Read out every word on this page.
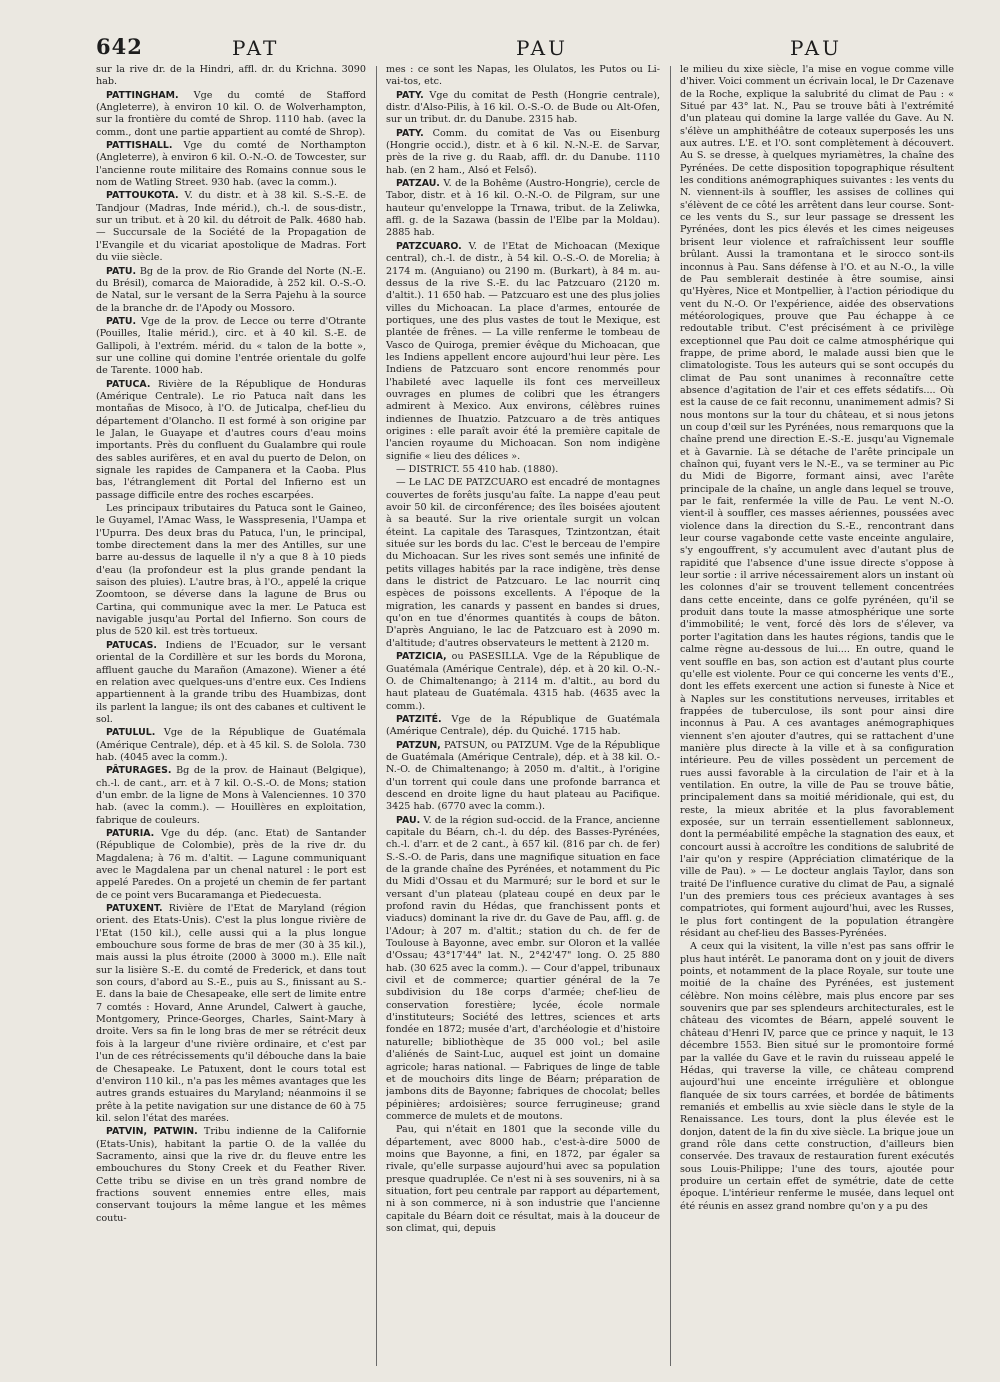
642	PAT	PAU	PAU

sur la rive dr. de la Hindri, affl. dr. du Krichna. 3090 hab.

PATTINGHAM. Vge du comté de Stafford (Angleterre), à environ 10 kil. O. de Wolverhampton, sur la frontière du comté de Shrop. 1110 hab. (avec la comm., dont une partie appartient au comté de Shrop).

PATTISHALL. Vge du comté de Northampton (Angleterre), à environ 6 kil. O.-N.-O. de Towcester, sur l'ancienne route militaire des Romains connue sous le nom de Watling Street. 930 hab. (avec la comm.).

PATTOUKOTA. V. du distr. et à 38 kil. S.-S.-E. de Tandjour (Madras, Inde mérid.), ch.-l. de sous-distr., sur un tribut. et à 20 kil. du détroit de Palk. 4680 hab. — Succursale de la Société de la Propagation de l'Evangile et du vicariat apostolique de Madras. Fort du viie siècle.

PATU. Bg de la prov. de Rio Grande del Norte (N.-E. du Brésil), comarca de Maioradide, à 252 kil. O.-S.-O. de Natal, sur le versant de la Serra Pajehu à la source de la branche dr. de l'Apody ou Mossoro.

PATU. Vge de la prov. de Lecce ou terre d'Otrante (Pouilles, Italie mérid.), circ. et à 40 kil. S.-E. de Gallipoli, à l'extrém. mérid. du « talon de la botte », sur une colline qui domine l'entrée orientale du golfe de Tarente. 1000 hab.

PATUCA. Rivière de la République de Honduras (Amérique Centrale). Le rio Patuca naît dans les montañas de Misoco, à l'O. de Juticalpa, chef-lieu du département d'Olancho. Il est formé à son origine par le Jalan, le Guayape et d'autres cours d'eau moins importants. Près du confluent du Gualambre qui roule des sables aurifères, et en aval du puerto de Delon, on signale les rapides de Campanera et la Caoba. Plus bas, l'étranglement dit Portal del Infierno est un passage difficile entre des roches escarpées.

Les principaux tributaires du Patuca sont le Gaineo, le Guyamel, l'Amac Wass, le Wasspresenia, l'Uampa et l'Upurra. Des deux bras du Patuca, l'un, le principal, tombe directement dans la mer des Antilles, sur une barre au-dessus de laquelle il n'y a que 8 à 10 pieds d'eau (la profondeur est la plus grande pendant la saison des pluies). L'autre bras, à l'O., appelé la crique Zoomtoon, se déverse dans la lagune de Brus ou Cartina, qui communique avec la mer. Le Patuca est navigable jusqu'au Portal del Infierno. Son cours de plus de 520 kil. est très tortueux.

PATUCAS. Indiens de l'Ecuador, sur le versant oriental de la Cordillère et sur les bords du Morona, affluent gauche du Marañon (Amazone). Wiener a été en relation avec quelques-uns d'entre eux. Ces Indiens appartiennent à la grande tribu des Huambizas, dont ils parlent la langue; ils ont des cabanes et cultivent le sol.

PATULUL. Vge de la République de Guatémala (Amérique Centrale), dép. et à 45 kil. S. de Solola. 730 hab. (4045 avec la comm.).

PÂTURAGES. Bg de la prov. de Hainaut (Belgique), ch.-l. de cant., arr. et à 7 kil. O.-S.-O. de Mons; station d'un embr. de la ligne de Mons à Valenciennes. 10 370 hab. (avec la comm.). — Houillères en exploitation, fabrique de couleurs.

PATURIA. Vge du dép. (anc. Etat) de Santander (République de Colombie), près de la rive dr. du Magdalena; à 76 m. d'altit. — Lagune communiquant avec le Magdalena par un chenal naturel : le port est appelé Paredes. On a projeté un chemin de fer partant de ce point vers Bucaramanga et Piedecuesta.

PATUXENT. Rivière de l'Etat de Maryland (région orient. des Etats-Unis). C'est la plus longue rivière de l'Etat (150 kil.), celle aussi qui a la plus longue embouchure sous forme de bras de mer (30 à 35 kil.), mais aussi la plus étroite (2000 à 3000 m.). Elle naît sur la lisière S.-E. du comté de Frederick, et dans tout son cours, d'abord au S.-E., puis au S., finissant au S.-E. dans la baie de Chesapeake, elle sert de limite entre 7 comtés : Hovard, Anne Arundel, Calwert à gauche, Montgomery, Prince-Georges, Charles, Saint-Mary à droite. Vers sa fin le long bras de mer se rétrécit deux fois à la largeur d'une rivière ordinaire, et c'est par l'un de ces rétrécissements qu'il débouche dans la baie de Chesapeake. Le Patuxent, dont le cours total est d'environ 110 kil., n'a pas les mêmes avantages que les autres grands estuaires du Maryland; néanmoins il se prête à la petite navigation sur une distance de 60 à 75 kil. selon l'état des marées.

PATVIN, PATWIN. Tribu indienne de la Californie (Etats-Unis), habitant la partie O. de la vallée du Sacramento, ainsi que la rive dr. du fleuve entre les embouchures du Stony Creek et du Feather River. Cette tribu se divise en un très grand nombre de fractions souvent ennemies entre elles, mais conservant toujours la même langue et les mêmes coutu-

mes : ce sont les Napas, les Olulatos, les Putos ou Li-vai-tos, etc.

PATY. Vge du comitat de Pesth (Hongrie centrale), distr. d'Also-Pilis, à 16 kil. O.-S.-O. de Bude ou Alt-Ofen, sur un tribut. dr. du Danube. 2315 hab.

PATY. Comm. du comitat de Vas ou Eisenburg (Hongrie occid.), distr. et à 6 kil. N.-N.-E. de Sarvar, près de la rive g. du Raab, affl. dr. du Danube. 1110 hab. (en 2 ham., Alsó et Felső).

PATZAU. V. de la Bohême (Austro-Hongrie), cercle de Tabor, distr. et à 16 kil. O.-N.-O. de Pilgram, sur une hauteur qu'enveloppe la Trnawa, tribut. de la Zeliwka, affl. g. de la Sazawa (bassin de l'Elbe par la Moldau). 2885 hab.

PATZCUARO. V. de l'Etat de Michoacan (Mexique central), ch.-l. de distr., à 54 kil. O.-S.-O. de Morelia; à 2174 m. (Anguiano) ou 2190 m. (Burkart), à 84 m. au-dessus de la rive S.-E. du lac Patzcuaro (2120 m. d'altit.). 11 650 hab. — Patzcuaro est une des plus jolies villes du Michoacan. La place d'armes, entourée de portiques, une des plus vastes de tout le Mexique, est plantée de frênes. — La ville renferme le tombeau de Vasco de Quiroga, premier évêque du Michoacan, que les Indiens appellent encore aujourd'hui leur père. Les Indiens de Patzcuaro sont encore renommés pour l'habileté avec laquelle ils font ces merveilleux ouvrages en plumes de colibri que les étrangers admirent à Mexico. Aux environs, célèbres ruines indiennes de Ihuatzio. Patzcuaro a de très antiques origines : elle paraît avoir été la première capitale de l'ancien royaume du Michoacan. Son nom indigène signifie « lieu des délices ».

— DISTRICT. 55 410 hab. (1880).

— Le LAC DE PATZCUARO est encadré de montagnes couvertes de forêts jusqu'au faîte. La nappe d'eau peut avoir 50 kil. de circonférence; des îles boisées ajoutent à sa beauté. Sur la rive orientale surgit un volcan éteint. La capitale des Tarasques, Tzintzontzan, était située sur les bords du lac. C'est le berceau de l'empire du Michoacan. Sur les rives sont semés une infinité de petits villages habités par la race indigène, très dense dans le district de Patzcuaro. Le lac nourrit cinq espèces de poissons excellents. A l'époque de la migration, les canards y passent en bandes si drues, qu'on en tue d'énormes quantités à coups de bâton. D'après Anguiano, le lac de Patzcuaro est à 2090 m. d'altitude; d'autres observateurs le mettent à 2120 m.

PATZICIA, ou PASESILLA. Vge de la République de Guatémala (Amérique Centrale), dép. et à 20 kil. O.-N.-O. de Chimaltenango; à 2114 m. d'altit., au bord du haut plateau de Guatémala. 4315 hab. (4635 avec la comm.).

PATZITÉ. Vge de la République de Guatémala (Amérique Centrale), dép. du Quiché. 1715 hab.

PATZUN, PATSUN, ou PATZUM. Vge de la République de Guatémala (Amérique Centrale), dép. et à 38 kil. O.-N.-O. de Chimaltenango; à 2050 m. d'altit., à l'origine d'un torrent qui coule dans une profonde barranca et descend en droite ligne du haut plateau au Pacifique. 3425 hab. (6770 avec la comm.).

PAU. V. de la région sud-occid. de la France, ancienne capitale du Béarn, ch.-l. du dép. des Basses-Pyrénées, ch.-l. d'arr. et de 2 cant., à 657 kil. (816 par ch. de fer) S.-S.-O. de Paris, dans une magnifique situation en face de la grande chaîne des Pyrénées, et notamment du Pic du Midi d'Ossau et du Marmuré; sur le bord et sur le versant d'un plateau (plateau coupé en deux par le profond ravin du Hédas, que franchissent ponts et viaducs) dominant la rive dr. du Gave de Pau, affl. g. de l'Adour; à 207 m. d'altit.; station du ch. de fer de Toulouse à Bayonne, avec embr. sur Oloron et la vallée d'Ossau; 43°17'44" lat. N., 2°42'47" long. O. 25 880 hab. (30 625 avec la comm.). — Cour d'appel, tribunaux civil et de commerce; quartier général de la 7e subdivision du 18e corps d'armée; chef-lieu de conservation forestière; lycée, école normale d'instituteurs; Société des lettres, sciences et arts fondée en 1872; musée d'art, d'archéologie et d'histoire naturelle; bibliothèque de 35 000 vol.; bel asile d'aliénés de Saint-Luc, auquel est joint un domaine agricole; haras national. — Fabriques de linge de table et de mouchoirs dits linge de Béarn; préparation de jambons dits de Bayonne; fabriques de chocolat; belles pépinières; ardoisières; source ferrugineuse; grand commerce de mulets et de moutons.

Pau, qui n'était en 1801 que la seconde ville du département, avec 8000 hab., c'est-à-dire 5000 de moins que Bayonne, a fini, en 1872, par égaler sa rivale, qu'elle surpasse aujourd'hui avec sa population presque quadruplée. Ce n'est ni à ses souvenirs, ni à sa situation, fort peu centrale par rapport au département, ni à son commerce, ni à son industrie que l'ancienne capitale du Béarn doit ce résultat, mais à la douceur de son climat, qui, depuis

le milieu du xixe siècle, l'a mise en vogue comme ville d'hiver. Voici comment un écrivain local, le Dr Cazenave de la Roche, explique la salubrité du climat de Pau : « Situé par 43° lat. N., Pau se trouve bâti à l'extrémité d'un plateau qui domine la large vallée du Gave. Au N. s'élève un amphithéâtre de coteaux superposés les uns aux autres. L'E. et l'O. sont complètement à découvert. Au S. se dresse, à quelques myriamètres, la chaîne des Pyrénées. De cette disposition topographique résultent les conditions anémographiques suivantes : les vents du N. viennent-ils à souffler, les assises de collines qui s'élèvent de ce côté les arrêtent dans leur course. Sont-ce les vents du S., sur leur passage se dressent les Pyrénées, dont les pics élevés et les cimes neigeuses brisent leur violence et rafraîchissent leur souffle brûlant. Aussi la tramontana et le sirocco sont-ils inconnus à Pau. Sans défense à l'O. et au N.-O., la ville de Pau semblerait destinée à être soumise, ainsi qu'Hyères, Nice et Montpellier, à l'action périodique du vent du N.-O. Or l'expérience, aidée des observations météorologiques, prouve que Pau échappe à ce redoutable tribut. C'est précisément à ce privilège exceptionnel que Pau doit ce calme atmosphérique qui frappe, de prime abord, le malade aussi bien que le climatologiste. Tous les auteurs qui se sont occupés du climat de Pau sont unanimes à reconnaître cette absence d'agitation de l'air et ces effets sédatifs.... Où est la cause de ce fait reconnu, unanimement admis? Si nous montons sur la tour du château, et si nous jetons un coup d'œil sur les Pyrénées, nous remarquons que la chaîne prend une direction E.-S.-E. jusqu'au Vignemale et à Gavarnie. Là se détache de l'arête principale un chaînon qui, fuyant vers le N.-E., va se terminer au Pic du Midi de Bigorre, formant ainsi, avec l'arête principale de la chaîne, un angle dans lequel se trouve, par le fait, renfermée la ville de Pau. Le vent N.-O. vient-il à souffler, ces masses aériennes, poussées avec violence dans la direction du S.-E., rencontrant dans leur course vagabonde cette vaste enceinte angulaire, s'y engouffrent, s'y accumulent avec d'autant plus de rapidité que l'absence d'une issue directe s'oppose à leur sortie : il arrive nécessairement alors un instant où les colonnes d'air se trouvent tellement concentrées dans cette enceinte, dans ce golfe pyrénéen, qu'il se produit dans toute la masse atmosphérique une sorte d'immobilité; le vent, forcé dès lors de s'élever, va porter l'agitation dans les hautes régions, tandis que le calme règne au-dessous de lui.... En outre, quand le vent souffle en bas, son action est d'autant plus courte qu'elle est violente. Pour ce qui concerne les vents d'E., dont les effets exercent une action si funeste à Nice et à Naples sur les constitutions nerveuses, irritables et frappées de tuberculose, ils sont pour ainsi dire inconnus à Pau. A ces avantages anémographiques viennent s'en ajouter d'autres, qui se rattachent d'une manière plus directe à la ville et à sa configuration intérieure. Peu de villes possèdent un percement de rues aussi favorable à la circulation de l'air et à la ventilation. En outre, la ville de Pau se trouve bâtie, principalement dans sa moitié méridionale, qui est, du reste, la mieux abritée et la plus favorablement exposée, sur un terrain essentiellement sablonneux, dont la perméabilité empêche la stagnation des eaux, et concourt aussi à accroître les conditions de salubrité de l'air qu'on y respire (Appréciation climatérique de la ville de Pau). » — Le docteur anglais Taylor, dans son traité De l'influence curative du climat de Pau, a signalé l'un des premiers tous ces précieux avantages à ses compatriotes, qui forment aujourd'hui, avec les Russes, le plus fort contingent de la population étrangère résidant au chef-lieu des Basses-Pyrénées.

A ceux qui la visitent, la ville n'est pas sans offrir le plus haut intérêt. Le panorama dont on y jouit de divers points, et notamment de la place Royale, sur toute une moitié de la chaîne des Pyrénées, est justement célèbre. Non moins célèbre, mais plus encore par ses souvenirs que par ses splendeurs architecturales, est le château des vicomtes de Béarn, appelé souvent le château d'Henri IV, parce que ce prince y naquit, le 13 décembre 1553. Bien situé sur le promontoire formé par la vallée du Gave et le ravin du ruisseau appelé le Hédas, qui traverse la ville, ce château comprend aujourd'hui une enceinte irrégulière et oblongue flanquée de six tours carrées, et bordée de bâtiments remaniés et embellis au xvie siècle dans le style de la Renaissance. Les tours, dont la plus élevée est le donjon, datent de la fin du xive siècle. La brique joue un grand rôle dans cette construction, d'ailleurs bien conservée. Des travaux de restauration furent exécutés sous Louis-Philippe; l'une des tours, ajoutée pour produire un certain effet de symétrie, date de cette époque. L'intérieur renferme le musée, dans lequel ont été réunis en assez grand nombre qu'on y a pu des
